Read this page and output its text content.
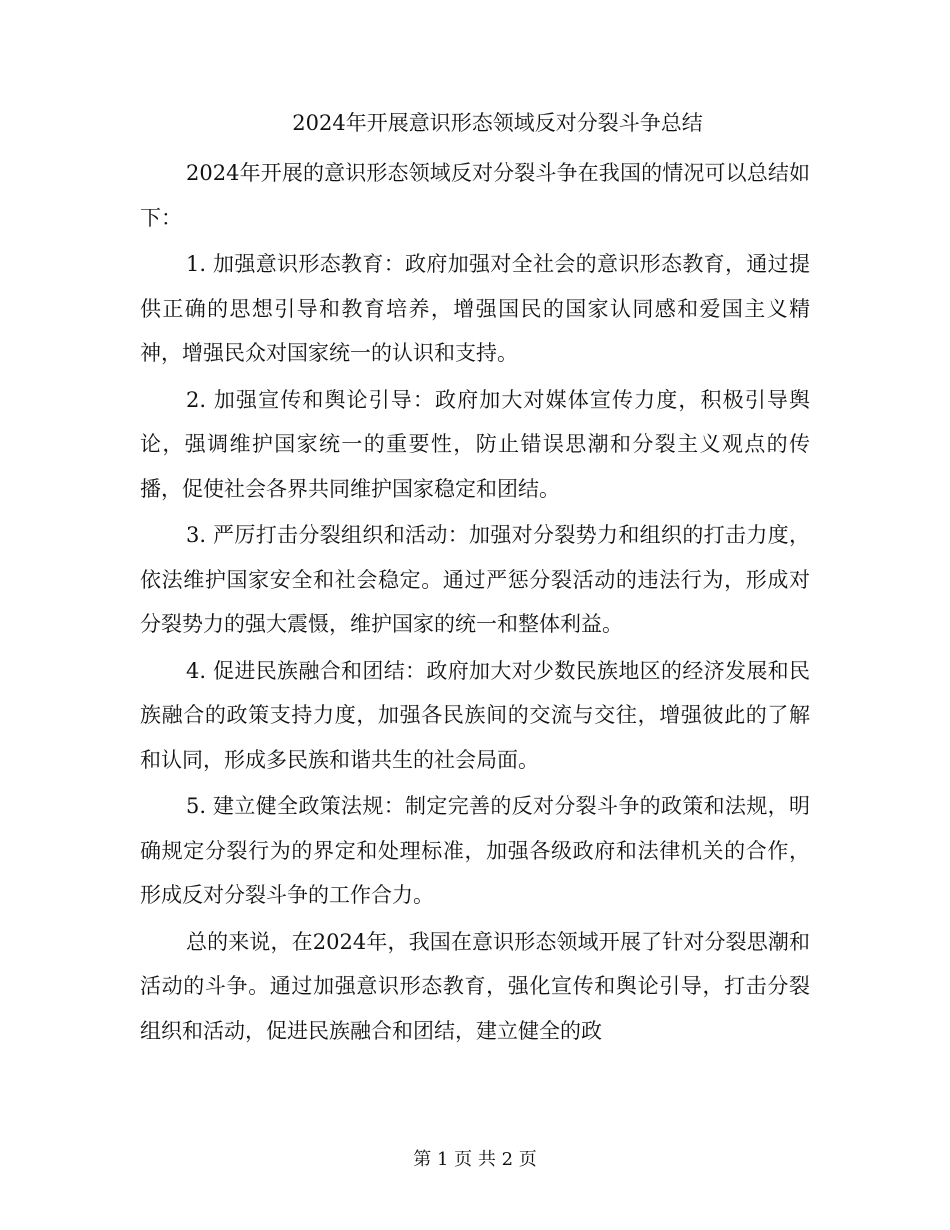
2024年开展意识形态领域反对分裂斗争总结

2024年开展的意识形态领域反对分裂斗争在我国的情况可以总结如下：

1. 加强意识形态教育：政府加强对全社会的意识形态教育，通过提供正确的思想引导和教育培养，增强国民的国家认同感和爱国主义精神，增强民众对国家统一的认识和支持。

2. 加强宣传和舆论引导：政府加大对媒体宣传力度，积极引导舆论，强调维护国家统一的重要性，防止错误思潮和分裂主义观点的传播，促使社会各界共同维护国家稳定和团结。

3. 严厉打击分裂组织和活动：加强对分裂势力和组织的打击力度，依法维护国家安全和社会稳定。通过严惩分裂活动的违法行为，形成对分裂势力的强大震慑，维护国家的统一和整体利益。

4. 促进民族融合和团结：政府加大对少数民族地区的经济发展和民族融合的政策支持力度，加强各民族间的交流与交往，增强彼此的了解和认同，形成多民族和谐共生的社会局面。

5. 建立健全政策法规：制定完善的反对分裂斗争的政策和法规，明确规定分裂行为的界定和处理标准，加强各级政府和法律机关的合作，形成反对分裂斗争的工作合力。

总的来说，在2024年，我国在意识形态领域开展了针对分裂思潮和活动的斗争。通过加强意识形态教育，强化宣传和舆论引导，打击分裂组织和活动，促进民族融合和团结，建立健全的政

第 1 页 共 2 页
